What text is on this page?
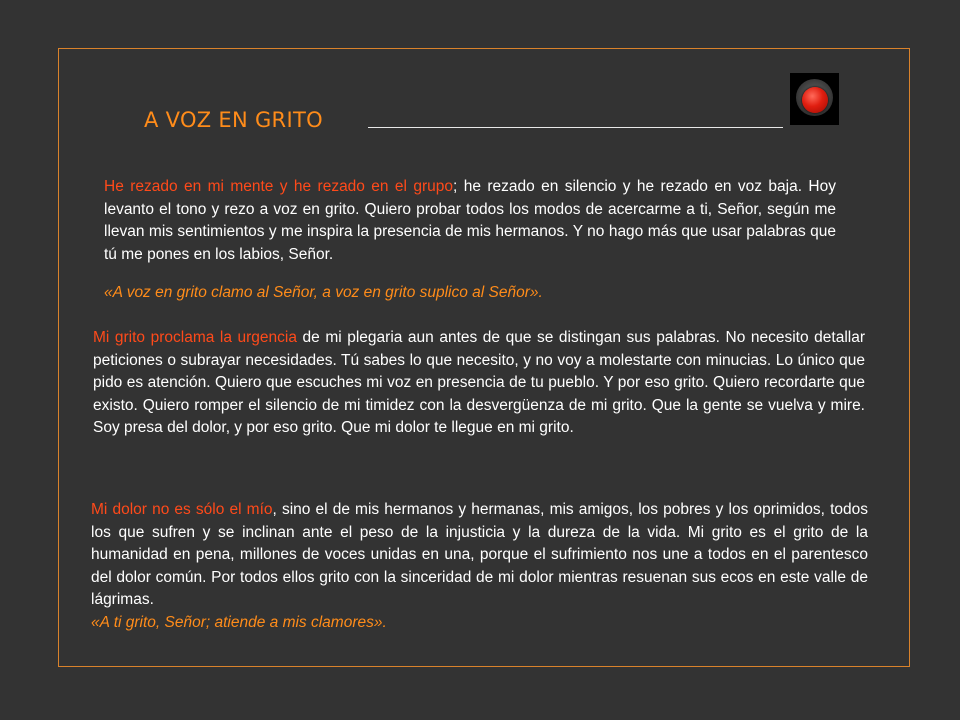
A VOZ EN GRITO

He rezado en mi mente y he rezado en el grupo; he rezado en silencio y he rezado en voz baja. Hoy levanto el tono y rezo a voz en grito. Quiero probar todos los modos de acercarme a ti, Señor, según me llevan mis sentimientos y me inspira la presencia de mis hermanos. Y no hago más que usar palabras que tú me pones en los labios, Señor.

«A voz en grito clamo al Señor, a voz en grito suplico al Señor».

Mi grito proclama la urgencia de mi plegaria aun antes de que se distingan sus palabras. No necesito detallar peticiones o subrayar necesidades. Tú sabes lo que necesito, y no voy a molestarte con minucias. Lo único que pido es atención. Quiero que escuches mi voz en presencia de tu pueblo. Y por eso grito. Quiero recordarte que existo. Quiero romper el silencio de mi timidez con la desvergüenza de mi grito. Que la gente se vuelva y mire. Soy presa del dolor, y por eso grito. Que mi dolor te llegue en mi grito.

Mi dolor no es sólo el mío, sino el de mis hermanos y hermanas, mis amigos, los pobres y los oprimidos, todos los que sufren y se inclinan ante el peso de la injusticia y la dureza de la vida. Mi grito es el grito de la humanidad en pena, millones de voces unidas en una, porque el sufrimiento nos une a todos en el parentesco del dolor común. Por todos ellos grito con la sinceridad de mi dolor mientras resuenan sus ecos en este valle de lágrimas.

«A ti grito, Señor; atiende a mis clamores».
